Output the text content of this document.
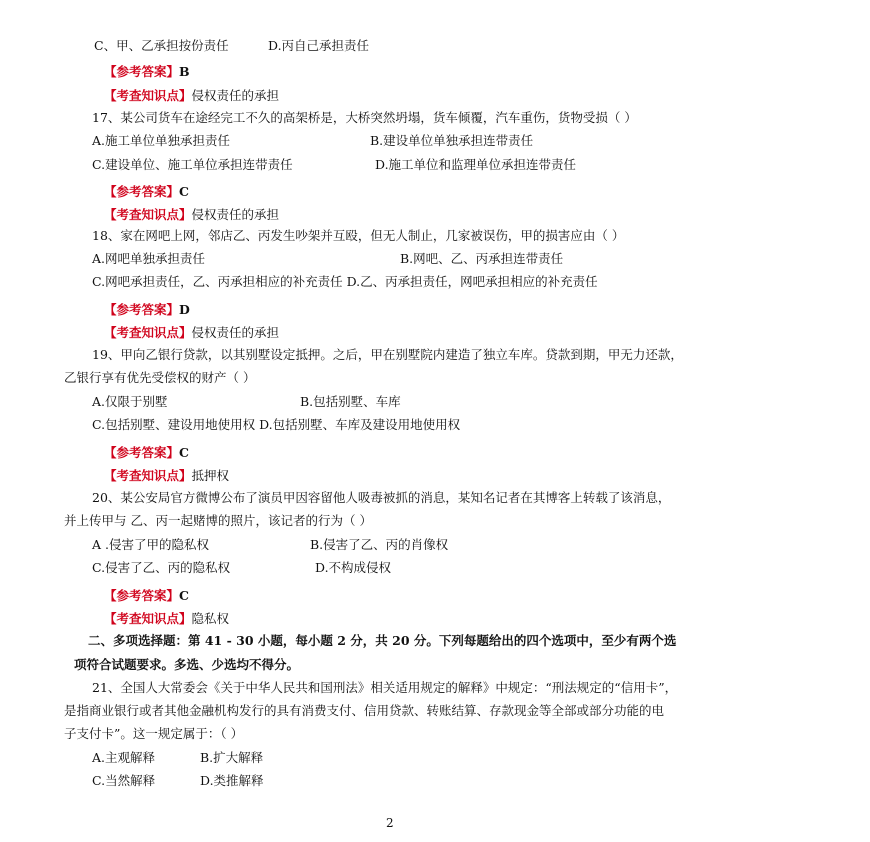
C、甲、乙承担按份责任	D.丙自己承担责任
【参考答案】B
【考查知识点】侵权责任的承担
17、某公司货车在途经完工不久的高架桥是，大桥突然坍塌，货车倾覆，汽车重伤，货物受损（ ）
A.施工单位单独承担责任	B.建设单位单独承担连带责任
C.建设单位、施工单位承担连带责任	D.施工单位和监理单位承担连带责任
【参考答案】C
【考查知识点】侵权责任的承担
18、家在网吧上网，邻店乙、丙发生吵架并互殴，但无人制止，几家被误伤，甲的损害应由（ ）
A.网吧单独承担责任	B.网吧、乙、丙承担连带责任
C.网吧承担责任，乙、丙承担相应的补充责任 D.乙、丙承担责任，网吧承担相应的补充责任
【参考答案】D
【考查知识点】侵权责任的承担
19、甲向乙银行贷款，以其别墅设定抵押。之后，甲在别墅院内建造了独立车库。贷款到期，甲无力还款，
乙银行享有优先受偿权的财产（ ）
A.仅限于别墅	B.包括别墅、车库
C.包括别墅、建设用地使用权 D.包括别墅、车库及建设用地使用权
【参考答案】C
【考查知识点】抵押权
20、某公安局官方微博公布了演员甲因容留他人吸毒被抓的消息，某知名记者在其博客上转载了该消息，
并上传甲与 乙、丙一起赌博的照片，该记者的行为（ ）
A .侵害了甲的隐私权	B.侵害了乙、丙的肖像权
C.侵害了乙、丙的隐私权	D.不构成侵权
【参考答案】C
【考查知识点】隐私权
二、多项选择题：第 41 - 30 小题，每小题 2 分，共 20 分。下列每题给出的四个选项中，至少有两个选
项符合试题要求。多选、少选均不得分。
21、全国人大常委会《关于中华人民共和国刑法》相关适用规定的解释》中规定：“刑法规定的“信用卡”，
是指商业银行或者其他金融机构发行的具有消费支付、信用贷款、转账结算、存款现金等全部或部分功能的电
子支付卡”。这一规定属于：（ ）
A.主观解释	B.扩大解释
C.当然解释	D.类推解释
2
